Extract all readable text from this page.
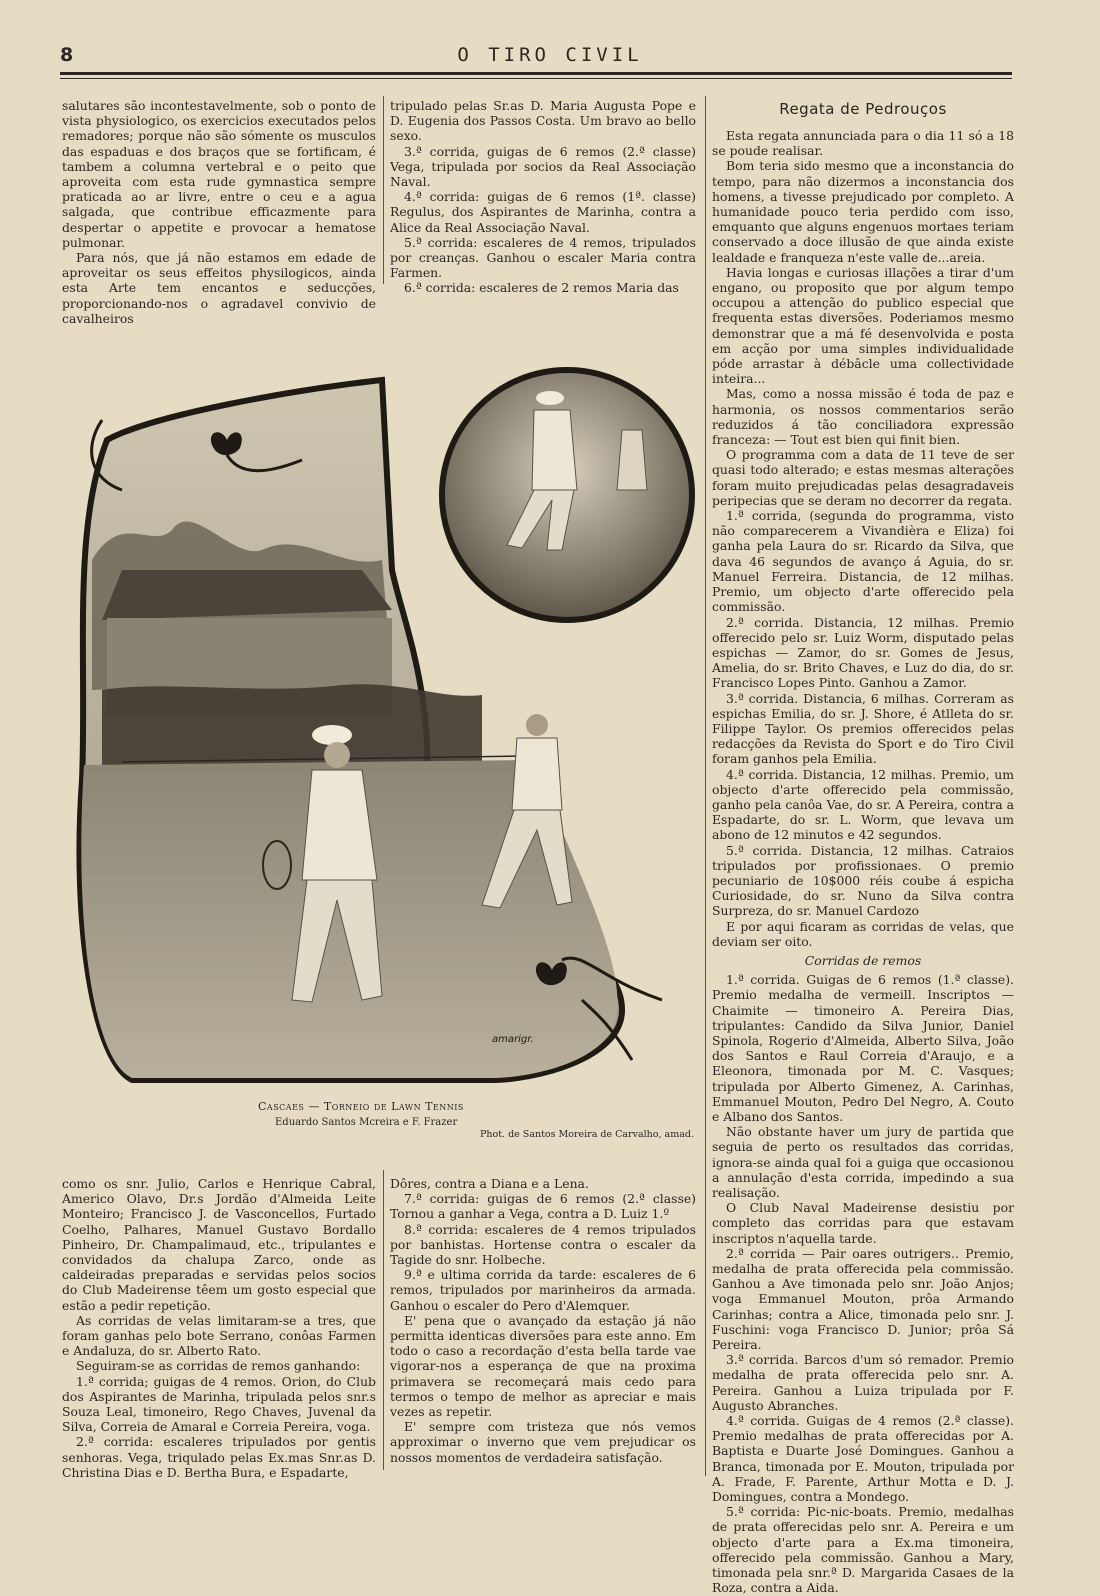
8	O TIRO CIVIL

salutares são incontestavelmente, sob o ponto de vista physiologico, os exercicios executados pelos remadores; porque não são sómente os musculos das espaduas e dos braços que se fortificam, é tambem a columna vertebral e o peito que aproveita com esta rude gymnastica sempre praticada ao ar livre, entre o ceu e a agua salgada, que contribue efficazmente para despertar o appetite e provocar a hematose pulmonar.

Para nós, que já não estamos em edade de aproveitar os seus effeitos physilogicos, ainda esta Arte tem encantos e seducções, proporcionando-nos o agradavel convivio de cavalheiros

tripulado pelas Sr.as D. Maria Augusta Pope e D. Eugenia dos Passos Costa. Um bravo ao bello sexo.

3.ª corrida, guigas de 6 remos (2.ª classe) Vega, tripulada por socios da Real Associação Naval.

4.ª corrida: guigas de 6 remos (1ª. classe) Regulus, dos Aspirantes de Marinha, contra a Alice da Real Associação Naval.

5.ª corrida: escaleres de 4 remos, tripulados por creanças. Ganhou o escaler Maria contra Farmen.

6.ª corrida: escaleres de 2 remos Maria das

Regata de Pedrouços

Esta regata annunciada para o dia 11 só a 18 se poude realisar.

Bom teria sido mesmo que a inconstancia do tempo, para não dizermos a inconstancia dos homens, a tivesse prejudicado por completo. A humanidade pouco teria perdido com isso, emquanto que alguns engenuos mortaes teriam conservado a doce illusão de que ainda existe lealdade e franqueza n'este valle de...areia.

Havia longas e curiosas illações a tirar d'um engano, ou proposito que por algum tempo occupou a attenção do publico especial que frequenta estas diversões. Poderiamos mesmo demonstrar que a má fé desenvolvida e posta em acção por uma simples individualidade póde arrastar à débâcle uma collectividade inteira...

Mas, como a nossa missão é toda de paz e harmonia, os nossos commentarios serão reduzidos á tão conciliadora expressão franceza: — Tout est bien qui finit bien.

O programma com a data de 11 teve de ser quasi todo alterado; e estas mesmas alterações foram muito prejudicadas pelas desagradaveis peripecias que se deram no decorrer da regata.

1.ª corrida, (segunda do programma, visto não comparecerem a Vivandièra e Eliza) foi ganha pela Laura do sr. Ricardo da Silva, que dava 46 segundos de avanço á Aguia, do sr. Manuel Ferreira. Distancia, de 12 milhas. Premio, um objecto d'arte offerecido pela commissão.

2.ª corrida. Distancia, 12 milhas. Premio offerecido pelo sr. Luiz Worm, disputado pelas espichas — Zamor, do sr. Gomes de Jesus, Amelia, do sr. Brito Chaves, e Luz do dia, do sr. Francisco Lopes Pinto. Ganhou a Zamor.

3.ª corrida. Distancia, 6 milhas. Correram as espichas Emilia, do sr. J. Shore, é Atlleta do sr. Filippe Taylor. Os premios offerecidos pelas redacções da Revista do Sport e do Tiro Civil foram ganhos pela Emilia.

4.ª corrida. Distancia, 12 milhas. Premio, um objecto d'arte offerecido pela commissão, ganho pela canôa Vae, do sr. A Pereira, contra a Espadarte, do sr. L. Worm, que levava um abono de 12 minutos e 42 segundos.

5.ª corrida. Distancia, 12 milhas. Catraios tripulados por profissionaes. O premio pecuniario de 10$000 réis coube á espicha Curiosidade, do sr. Nuno da Silva contra Surpreza, do sr. Manuel Cardozo

E por aqui ficaram as corridas de velas, que deviam ser oito.

Corridas de remos

1.ª corrida. Guigas de 6 remos (1.ª classe). Premio medalha de vermeill. Inscriptos — Chaimite — timoneiro A. Pereira Dias, tripulantes: Candido da Silva Junior, Daniel Spinola, Rogerio d'Almeida, Alberto Silva, João dos Santos e Raul Correia d'Araujo, e a Eleonora, timonada por M. C. Vasques; tripulada por Alberto Gimenez, A. Carinhas, Emmanuel Mouton, Pedro Del Negro, A. Couto e Albano dos Santos.

Não obstante haver um jury de partida que seguia de perto os resultados das corridas, ignora-se ainda qual foi a guiga que occasionou a annulação d'esta corrida, impedindo a sua realisação.

O Club Naval Madeirense desistiu por completo das corridas para que estavam inscriptos n'aquella tarde.

2.ª corrida — Pair oares outrigers.. Premio, medalha de prata offerecida pela commissão. Ganhou a Ave timonada pelo snr. João Anjos; voga Emmanuel Mouton, prôa Armando Carinhas; contra a Alice, timonada pelo snr. J. Fuschini: voga Francisco D. Junior; prôa Sá Pereira.

3.ª corrida. Barcos d'um só remador. Premio medalha de prata offerecida pelo snr. A. Pereira. Ganhou a Luiza tripulada por F. Augusto Abranches.

4.ª corrida. Guigas de 4 remos (2.ª classe). Premio medalhas de prata offerecidas por A. Baptista e Duarte José Domingues. Ganhou a Branca, timonada por E. Mouton, tripulada por A. Frade, F. Parente, Arthur Motta e D. J. Domingues, contra a Mondego.

5.ª corrida: Pic-nic-boats. Premio, medalhas de prata offerecidas pelo snr. A. Pereira e um objecto d'arte para a Ex.ma timoneira, offerecido pela commissão. Ganhou a Mary, timonada pela snr.ª D. Margarida Casaes de la Roza, contra a Aida.

amarigr.
Cascaes — Torneio de Lawn Tennis
Eduardo Santos Mcreira e F. Frazer
Phot. de Santos Moreira de Carvalho, amad.

como os snr. Julio, Carlos e Henrique Cabral, Americo Olavo, Dr.s Jordão d'Almeida Leite Monteiro; Francisco J. de Vasconcellos, Furtado Coelho, Palhares, Manuel Gustavo Bordallo Pinheiro, Dr. Champalimaud, etc., tripulantes e convidados da chalupa Zarco, onde as caldeiradas preparadas e servidas pelos socios do Club Madeirense têem um gosto especial que estão a pedir repetição.

As corridas de velas limitaram-se a tres, que foram ganhas pelo bote Serrano, conôas Farmen e Andaluza, do sr. Alberto Rato.

Seguiram-se as corridas de remos ganhando:

1.ª corrida; guigas de 4 remos. Orion, do Club dos Aspirantes de Marinha, tripulada pelos snr.s Souza Leal, timoneiro, Rego Chaves, Juvenal da Silva, Correia de Amaral e Correia Pereira, voga.

2.ª corrida: escaleres tripulados por gentis senhoras. Vega, triqulado pelas Ex.mas Snr.as D. Christina Dias e D. Bertha Bura, e Espadarte,

Dôres, contra a Diana e a Lena.

7.ª corrida: guigas de 6 remos (2.ª classe) Tornou a ganhar a Vega, contra a D. Luiz 1.º

8.ª corrida: escaleres de 4 remos tripulados por banhistas. Hortense contra o escaler da Tagide do snr. Holbeche.

9.ª e ultima corrida da tarde: escaleres de 6 remos, tripulados por marinheiros da armada. Ganhou o escaler do Pero d'Alemquer.

E' pena que o avançado da estação já não permitta identicas diversões para este anno. Em todo o caso a recordação d'esta bella tarde vae vigorar-nos a esperança de que na proxima primavera se recomeçará mais cedo para termos o tempo de melhor as apreciar e mais vezes as repetir.

E' sempre com tristeza que nós vemos approximar o inverno que vem prejudicar os nossos momentos de verdadeira satisfação.
